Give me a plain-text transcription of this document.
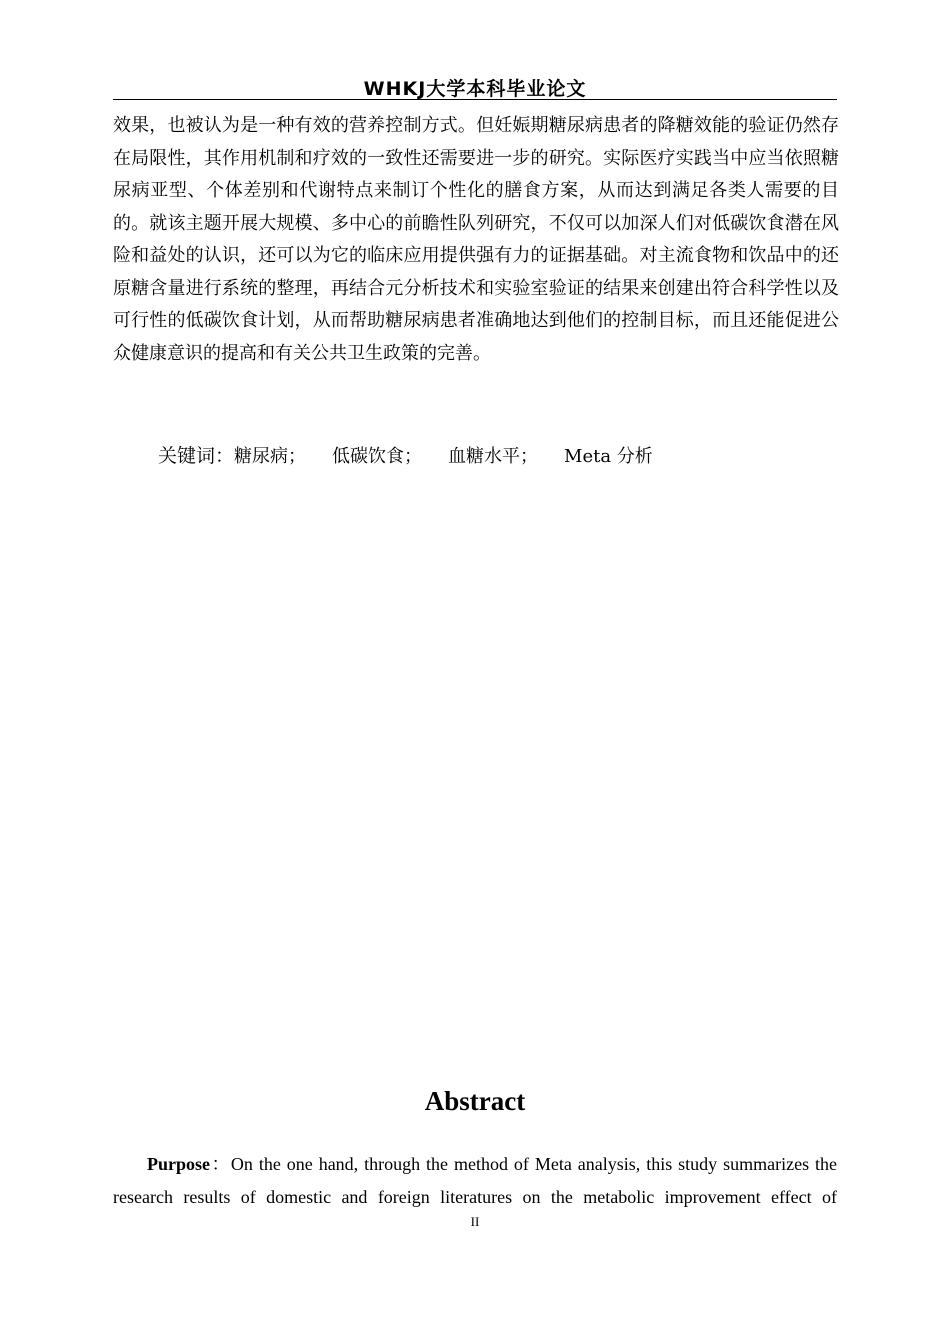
WHKJ大学本科毕业论文

效果，也被认为是一种有效的营养控制方式。但妊娠期糖尿病患者的降糖效能的验证仍然存在局限性，其作用机制和疗效的一致性还需要进一步的研究。实际医疗实践当中应当依照糖尿病亚型、个体差别和代谢特点来制订个性化的膳食方案，从而达到满足各类人需要的目的。就该主题开展大规模、多中心的前瞻性队列研究，不仅可以加深人们对低碳饮食潜在风险和益处的认识，还可以为它的临床应用提供强有力的证据基础。对主流食物和饮品中的还原糖含量进行系统的整理，再结合元分析技术和实验室验证的结果来创建出符合科学性以及可行性的低碳饮食计划，从而帮助糖尿病患者准确地达到他们的控制目标，而且还能促进公众健康意识的提高和有关公共卫生政策的完善。

关键词：糖尿病； 低碳饮食； 血糖水平； Meta 分析
Abstract

Purpose：On the one hand, through the method of Meta analysis, this study summarizes the research results of domestic and foreign literatures on the metabolic improvement effect of

II
